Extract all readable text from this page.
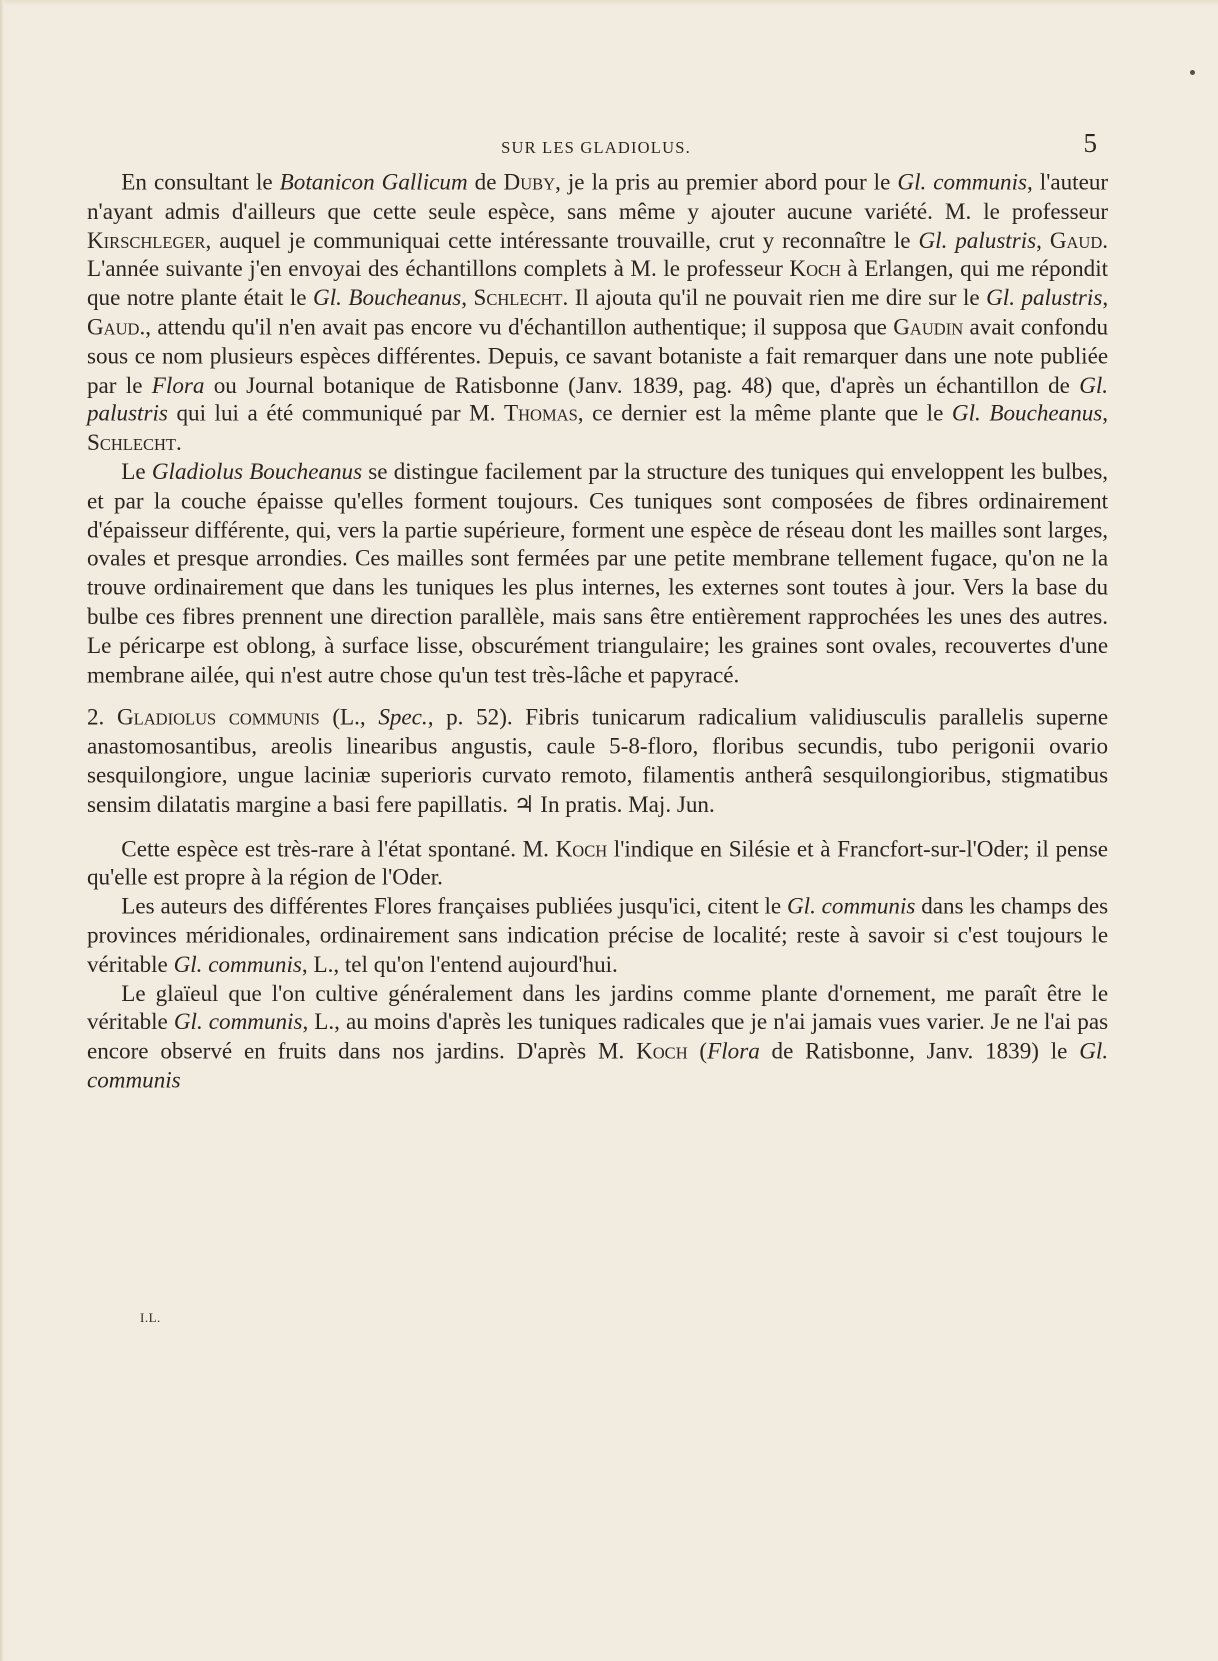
SUR LES GLADIOLUS.	5

En consultant le Botanicon Gallicum de Duby, je la pris au premier abord pour le Gl. communis, l'auteur n'ayant admis d'ailleurs que cette seule espèce, sans même y ajouter aucune variété. M. le professeur Kirschleger, auquel je communiquai cette intéressante trouvaille, crut y reconnaître le Gl. palustris, Gaud. L'année suivante j'en envoyai des échantillons complets à M. le professeur Koch à Erlangen, qui me répondit que notre plante était le Gl. Boucheanus, Schlecht. Il ajouta qu'il ne pouvait rien me dire sur le Gl. palustris, Gaud., attendu qu'il n'en avait pas encore vu d'échantillon authentique; il supposa que Gaudin avait confondu sous ce nom plusieurs espèces différentes. Depuis, ce savant botaniste a fait remarquer dans une note publiée par le Flora ou Journal botanique de Ratisbonne (Janv. 1839, pag. 48) que, d'après un échantillon de Gl. palustris qui lui a été communiqué par M. Thomas, ce dernier est la même plante que le Gl. Boucheanus, Schlecht.

Le Gladiolus Boucheanus se distingue facilement par la structure des tuniques qui enveloppent les bulbes, et par la couche épaisse qu'elles forment toujours. Ces tuniques sont composées de fibres ordinairement d'épaisseur différente, qui, vers la partie supérieure, forment une espèce de réseau dont les mailles sont larges, ovales et presque arrondies. Ces mailles sont fermées par une petite membrane tellement fugace, qu'on ne la trouve ordinairement que dans les tuniques les plus internes, les externes sont toutes à jour. Vers la base du bulbe ces fibres prennent une direction parallèle, mais sans être entièrement rapprochées les unes des autres. Le péricarpe est oblong, à surface lisse, obscurément triangulaire; les graines sont ovales, recouvertes d'une membrane ailée, qui n'est autre chose qu'un test très-lâche et papyracé.

2. Gladiolus communis (L., Spec., p. 52). Fibris tunicarum radicalium validiusculis parallelis superne anastomosantibus, areolis linearibus angustis, caule 5-8-floro, floribus secundis, tubo perigonii ovario sesquilongiore, ungue laciniæ superioris curvato remoto, filamentis antherâ sesquilongioribus, stigmatibus sensim dilatatis margine a basi fere papillatis. ♃ In pratis. Maj. Jun.

Cette espèce est très-rare à l'état spontané. M. Koch l'indique en Silésie et à Francfort-sur-l'Oder; il pense qu'elle est propre à la région de l'Oder.

Les auteurs des différentes Flores françaises publiées jusqu'ici, citent le Gl. communis dans les champs des provinces méridionales, ordinairement sans indication précise de localité; reste à savoir si c'est toujours le véritable Gl. communis, L., tel qu'on l'entend aujourd'hui.

Le glaïeul que l'on cultive généralement dans les jardins comme plante d'ornement, me paraît être le véritable Gl. communis, L., au moins d'après les tuniques radicales que je n'ai jamais vues varier. Je ne l'ai pas encore observé en fruits dans nos jardins. D'après M. Koch (Flora de Ratisbonne, Janv. 1839) le Gl. communis

I.L.
